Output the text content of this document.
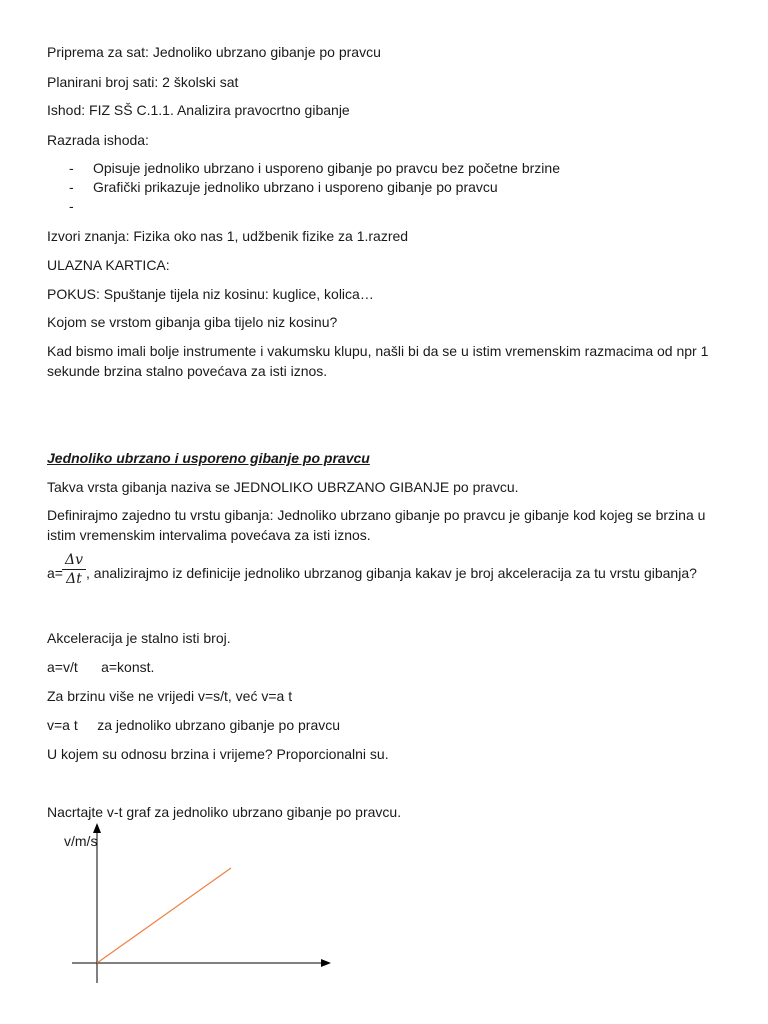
Priprema za sat: Jednoliko ubrzano gibanje po pravcu
Planirani broj sati: 2 školski sat
Ishod: FIZ SŠ C.1.1. Analizira pravocrtno gibanje
Razrada ishoda:
- Opisuje jednoliko ubrzano i usporeno gibanje po pravcu bez početne brzine
- Grafički prikazuje jednoliko ubrzano i usporeno gibanje po pravcu
-
Izvori znanja: Fizika oko nas 1, udžbenik fizike za 1.razred
ULAZNA KARTICA:
POKUS: Spuštanje tijela niz kosinu: kuglice, kolica…
Kojom se vrstom gibanja giba tijelo niz kosinu?
Kad bismo imali bolje instrumente i vakumsku klupu, našli bi da se u istim vremenskim razmacima od npr 1
sekunde brzina stalno povećava za isti iznos.
Jednoliko ubrzano i usporeno gibanje po pravcu
Takva vrsta gibanja naziva se JEDNOLIKO UBRZANO GIBANJE po pravcu.
Definirajmo zajedno tu vrstu gibanja: Jednoliko ubrzano gibanje po pravcu je gibanje kod kojeg se brzina u
istim vremenskim intervalima povećava za isti iznos.
a=
Δv
Δt , analizirajmo iz definicije jednoliko ubrzanog gibanja kakav je broj akceleracija za tu vrstu gibanja?
Akceleracija je stalno isti broj.
a=v/t      a=konst.
Za brzinu više ne vrijedi v=s/t, već v=a t
v=a t     za jednoliko ubrzano gibanje po pravcu
U kojem su odnosu brzina i vrijeme? Proporcionalni su.
Nacrtajte v-t graf za jednoliko ubrzano gibanje po pravcu.
v/m/s
